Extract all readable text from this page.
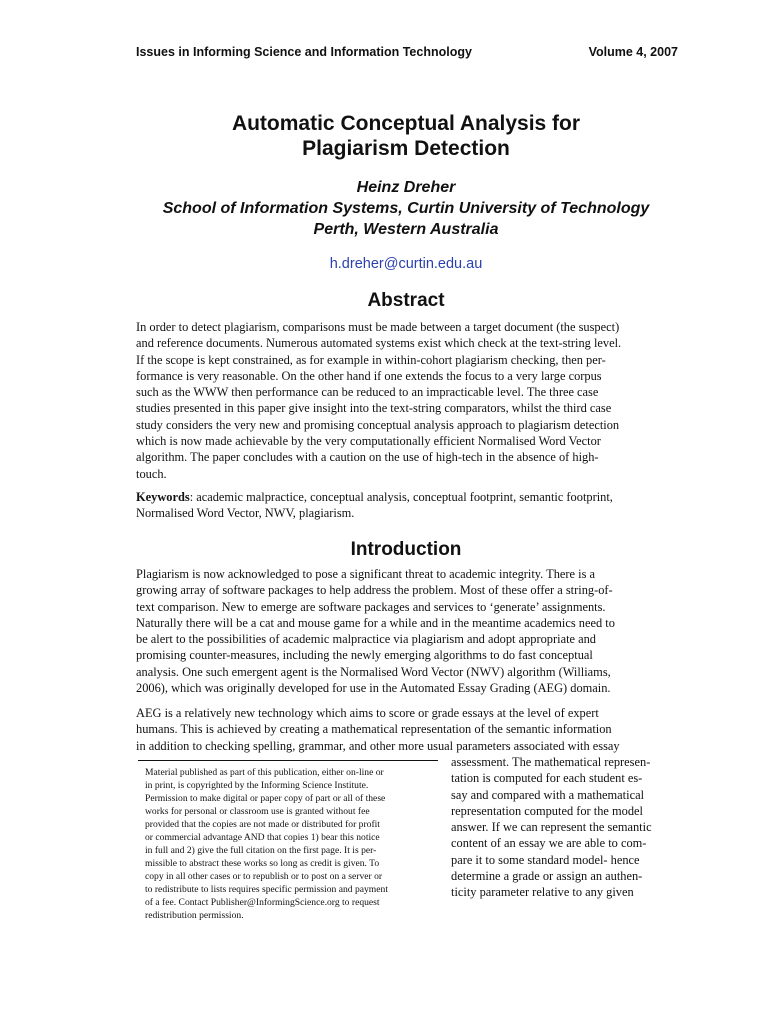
Issues in Informing Science and Information Technology	Volume 4, 2007
Automatic Conceptual Analysis for
Plagiarism Detection
Heinz Dreher
School of Information Systems, Curtin University of Technology
Perth, Western Australia
h.dreher@curtin.edu.au
Abstract
In order to detect plagiarism, comparisons must be made between a target document (the suspect)
and reference documents. Numerous automated systems exist which check at the text-string level.
If the scope is kept constrained, as for example in within-cohort plagiarism checking, then per-
formance is very reasonable. On the other hand if one extends the focus to a very large corpus
such as the WWW then performance can be reduced to an impracticable level. The three case
studies presented in this paper give insight into the text-string comparators, whilst the third case
study considers the very new and promising conceptual analysis approach to plagiarism detection
which is now made achievable by the very computationally efficient Normalised Word Vector
algorithm. The paper concludes with a caution on the use of high-tech in the absence of high-
touch.
Keywords: academic malpractice, conceptual analysis, conceptual footprint, semantic footprint,
Normalised Word Vector, NWV, plagiarism.
Introduction
Plagiarism is now acknowledged to pose a significant threat to academic integrity. There is a
growing array of software packages to help address the problem. Most of these offer a string-of-
text comparison. New to emerge are software packages and services to ‘generate’ assignments.
Naturally there will be a cat and mouse game for a while and in the meantime academics need to
be alert to the possibilities of academic malpractice via plagiarism and adopt appropriate and
promising counter-measures, including the newly emerging algorithms to do fast conceptual
analysis. One such emergent agent is the Normalised Word Vector (NWV) algorithm (Williams,
2006), which was originally developed for use in the Automated Essay Grading (AEG) domain.
AEG is a relatively new technology which aims to score or grade essays at the level of expert
humans. This is achieved by creating a mathematical representation of the semantic information
in addition to checking spelling, grammar, and other more usual parameters associated with essay
assessment. The mathematical represen-
tation is computed for each student es-
say and compared with a mathematical
representation computed for the model
answer. If we can represent the semantic
content of an essay we are able to com-
pare it to some standard model- hence
determine a grade or assign an authen-
ticity parameter relative to any given
Material published as part of this publication, either on-line or
in print, is copyrighted by the Informing Science Institute.
Permission to make digital or paper copy of part or all of these
works for personal or classroom use is granted without fee
provided that the copies are not made or distributed for profit
or commercial advantage AND that copies 1) bear this notice
in full and 2) give the full citation on the first page. It is per-
missible to abstract these works so long as credit is given. To
copy in all other cases or to republish or to post on a server or
to redistribute to lists requires specific permission and payment
of a fee. Contact Publisher@InformingScience.org to request
redistribution permission.
